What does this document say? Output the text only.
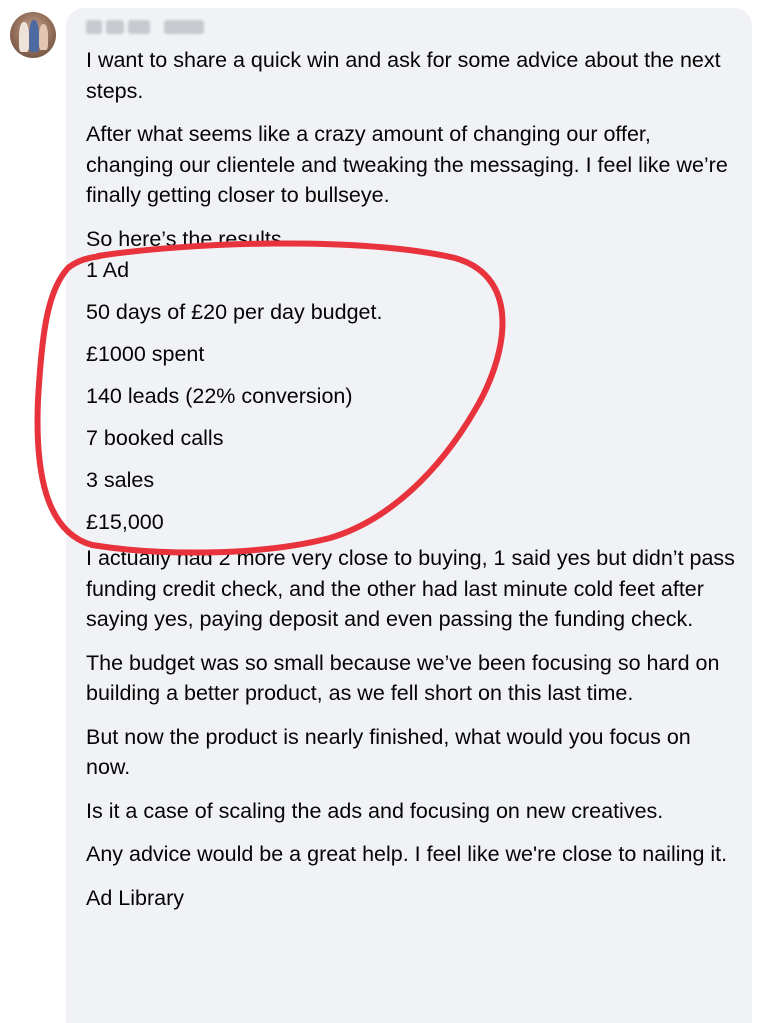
I want to share a quick win and ask for some advice about the next steps.

After what seems like a crazy amount of changing our offer, changing our clientele and tweaking the messaging. I feel like we’re finally getting closer to bullseye.

So here’s the results...

1 Ad
50 days of £20 per day budget.
£1000 spent
140 leads (22% conversion)
7 booked calls
3 sales
£15,000

I actually had 2 more very close to buying, 1 said yes but didn’t pass funding credit check, and the other had last minute cold feet after saying yes, paying deposit and even passing the funding check.

The budget was so small because we’ve been focusing so hard on building a better product, as we fell short on this last time.

But now the product is nearly finished, what would you focus on now.

Is it a case of scaling the ads and focusing on new creatives.

Any advice would be a great help. I feel like we're close to nailing it.

Ad Library
